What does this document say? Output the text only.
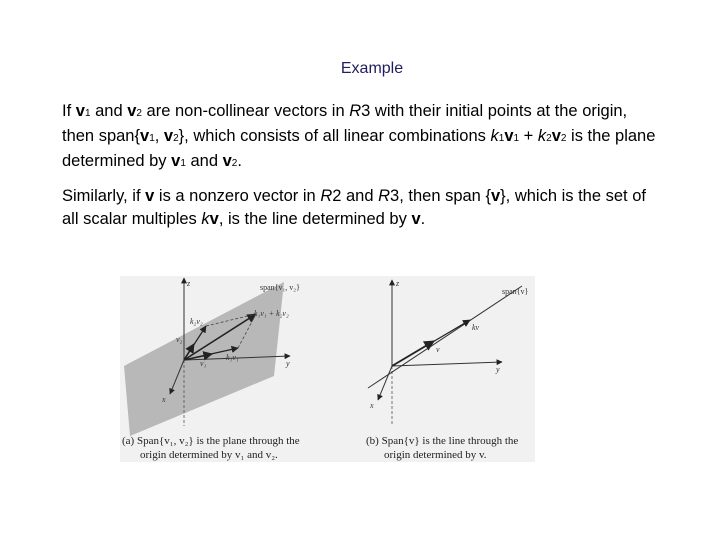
Example
If v1 and v2 are non-collinear vectors in R3 with their initial points at the origin, then span{v1, v2}, which consists of all linear combinations k1v1 + k2v2 is the plane determined by v1 and v2.
Similarly, if v is a nonzero vector in R2 and R3, then span {v}, which is the set of all scalar multiples kv, is the line determined by v.
span{v₁, v₂}
z
y
x
k₁v₁ + k₂v₂
k₂v₂
v₂
v₁
k₁v₁
(a) Span{v₁, v₂} is the plane through the
origin determined by v₁ and v₂.
span{v}
z
y
x
kv
v
(b) Span{v} is the line through the
origin determined by v.
